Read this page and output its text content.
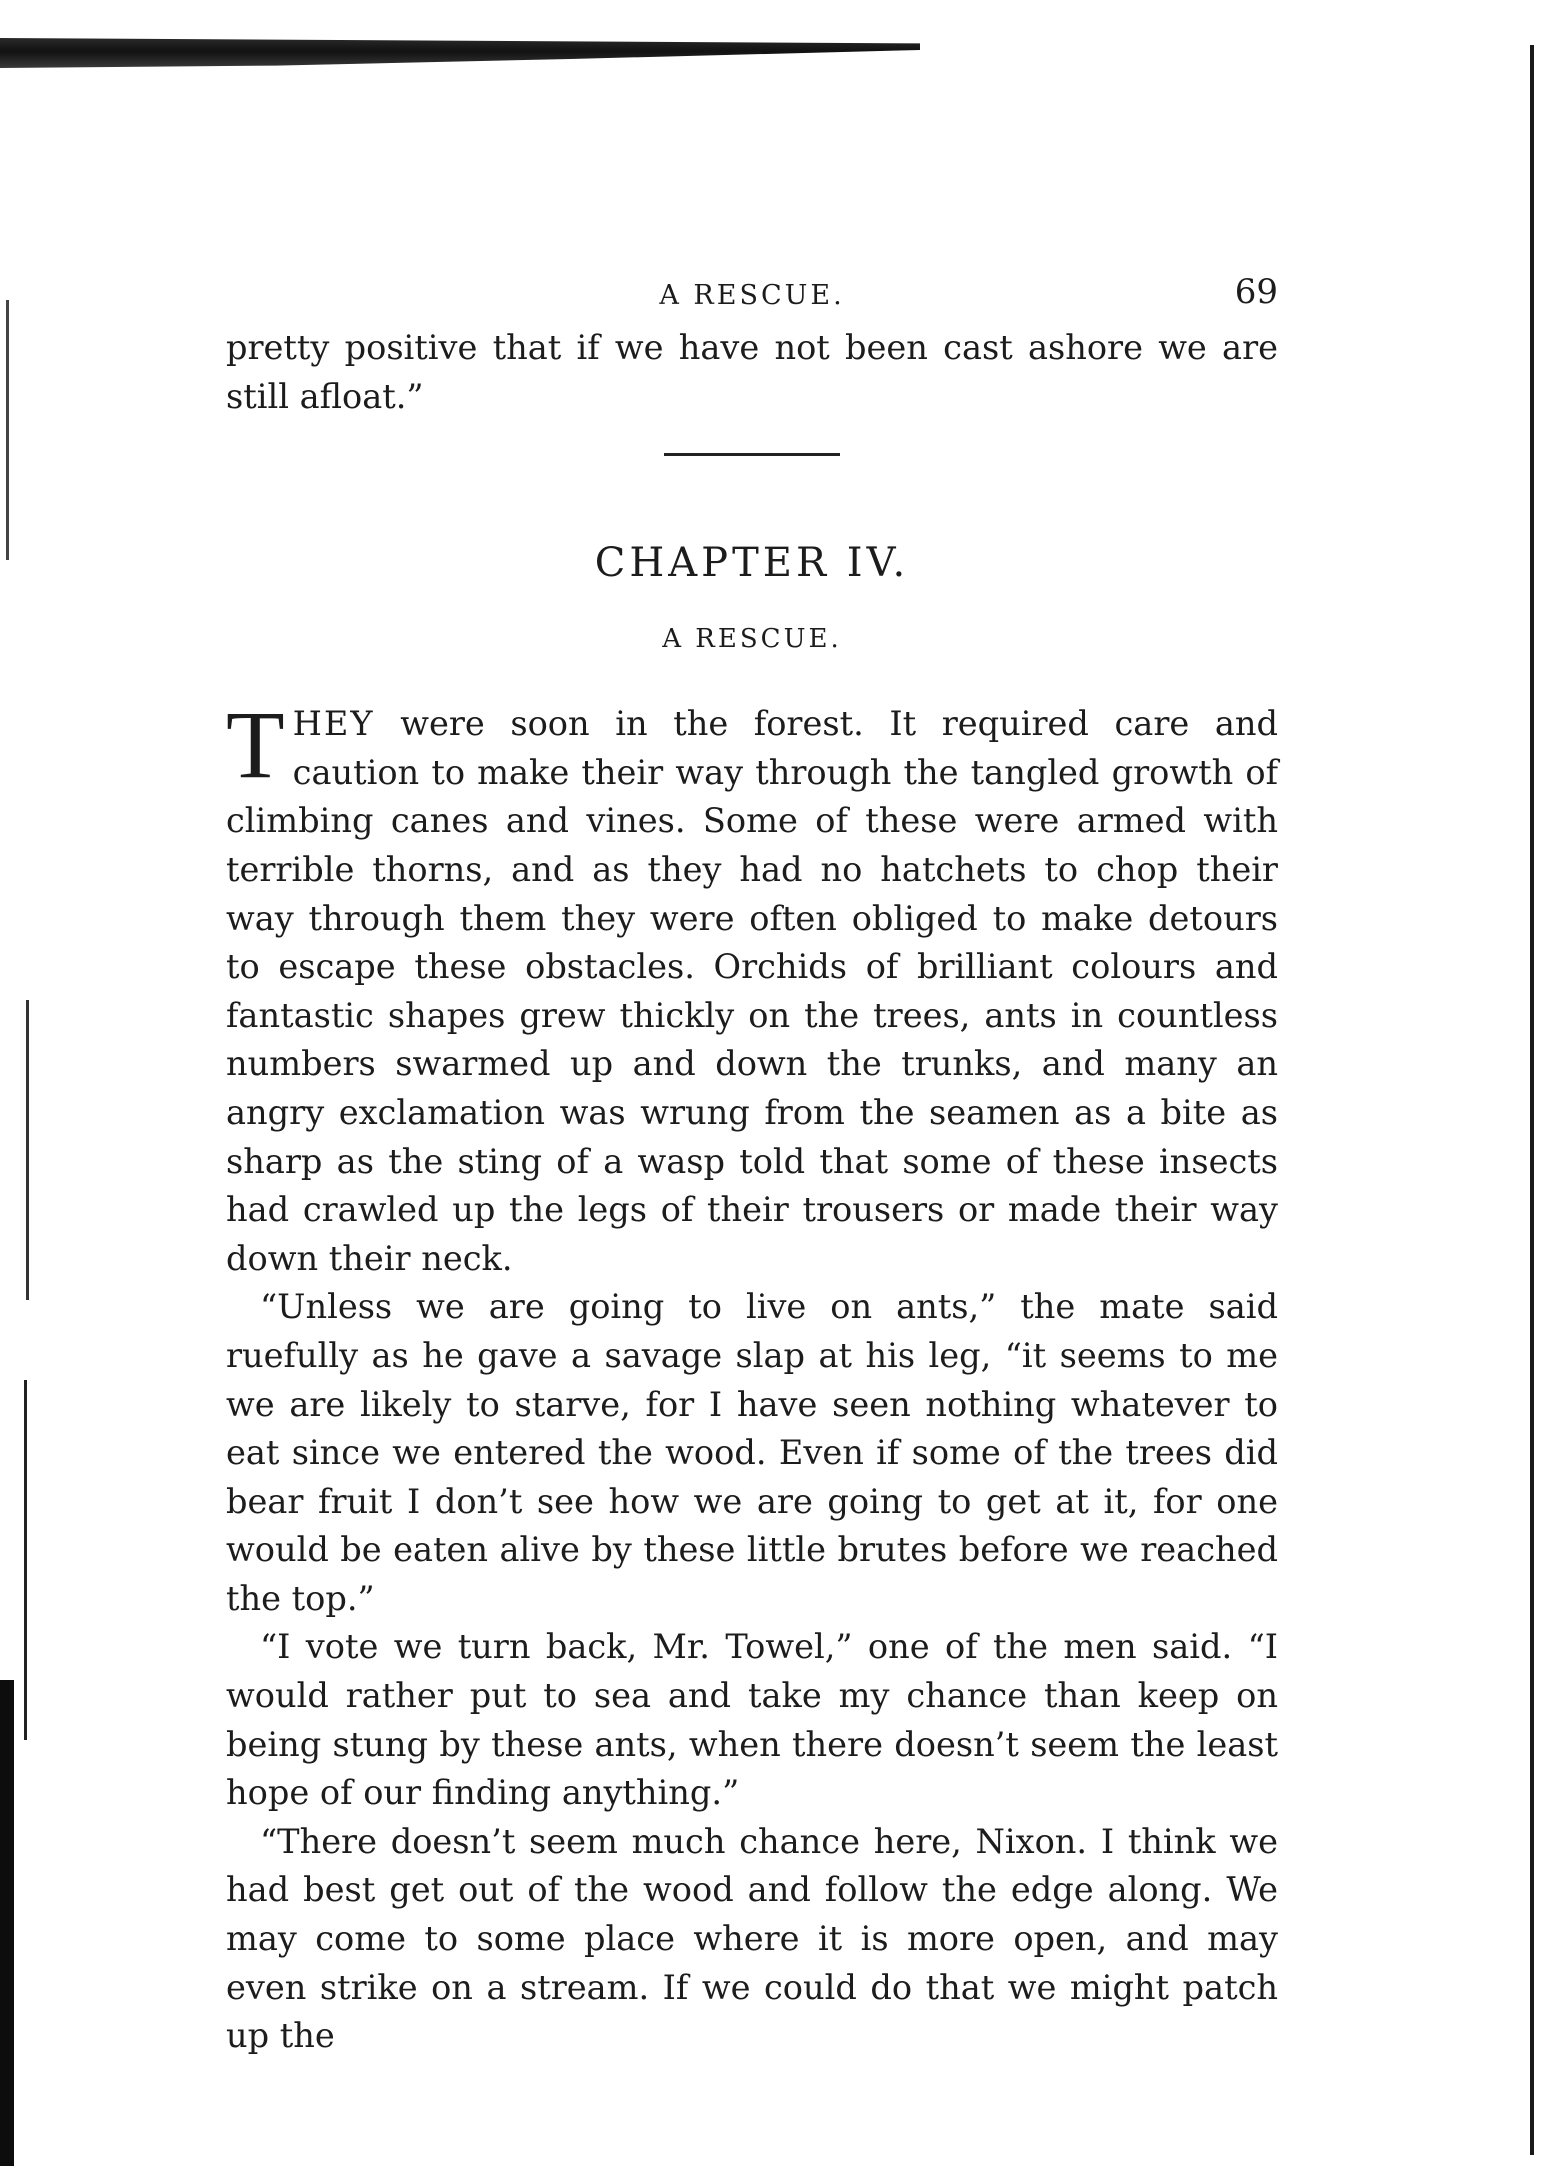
A RESCUE.	69

pretty positive that if we have not been cast ashore we are still afloat.”

CHAPTER IV.
A RESCUE.

THEY were soon in the forest. It required care and caution to make their way through the tangled growth of climbing canes and vines. Some of these were armed with terrible thorns, and as they had no hatchets to chop their way through them they were often obliged to make detours to escape these obstacles. Orchids of brilliant colours and fantastic shapes grew thickly on the trees, ants in countless numbers swarmed up and down the trunks, and many an angry exclamation was wrung from the seamen as a bite as sharp as the sting of a wasp told that some of these insects had crawled up the legs of their trousers or made their way down their neck.

“Unless we are going to live on ants,” the mate said ruefully as he gave a savage slap at his leg, “it seems to me we are likely to starve, for I have seen nothing whatever to eat since we entered the wood. Even if some of the trees did bear fruit I don’t see how we are going to get at it, for one would be eaten alive by these little brutes before we reached the top.”

“I vote we turn back, Mr. Towel,” one of the men said. “I would rather put to sea and take my chance than keep on being stung by these ants, when there doesn’t seem the least hope of our finding anything.”

“There doesn’t seem much chance here, Nixon. I think we had best get out of the wood and follow the edge along. We may come to some place where it is more open, and may even strike on a stream. If we could do that we might patch up the
